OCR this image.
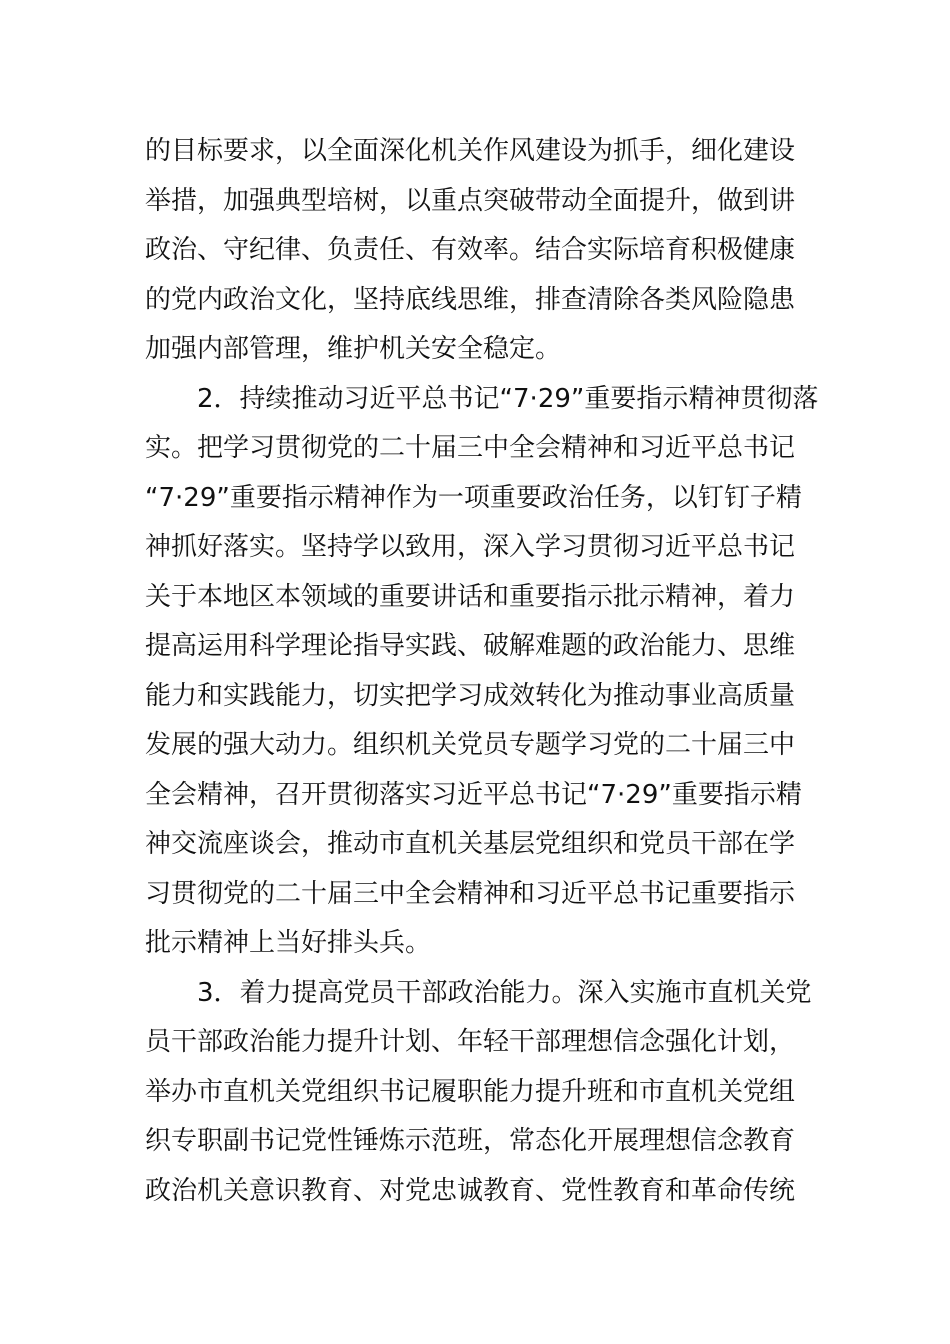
的目标要求，以全面深化机关作风建设为抓手，细化建设
举措，加强典型培树，以重点突破带动全面提升，做到讲
政治、守纪律、负责任、有效率。结合实际培育积极健康
的党内政治文化，坚持底线思维，排查清除各类风险隐患
加强内部管理，维护机关安全稳定。
2．持续推动习近平总书记“7·29”重要指示精神贯彻落
实。把学习贯彻党的二十届三中全会精神和习近平总书记
“7·29”重要指示精神作为一项重要政治任务，以钉钉子精
神抓好落实。坚持学以致用，深入学习贯彻习近平总书记
关于本地区本领域的重要讲话和重要指示批示精神，着力
提高运用科学理论指导实践、破解难题的政治能力、思维
能力和实践能力，切实把学习成效转化为推动事业高质量
发展的强大动力。组织机关党员专题学习党的二十届三中
全会精神，召开贯彻落实习近平总书记“7·29”重要指示精
神交流座谈会，推动市直机关基层党组织和党员干部在学
习贯彻党的二十届三中全会精神和习近平总书记重要指示
批示精神上当好排头兵。
3．着力提高党员干部政治能力。深入实施市直机关党
员干部政治能力提升计划、年轻干部理想信念强化计划，
举办市直机关党组织书记履职能力提升班和市直机关党组
织专职副书记党性锤炼示范班，常态化开展理想信念教育
政治机关意识教育、对党忠诚教育、党性教育和革命传统
